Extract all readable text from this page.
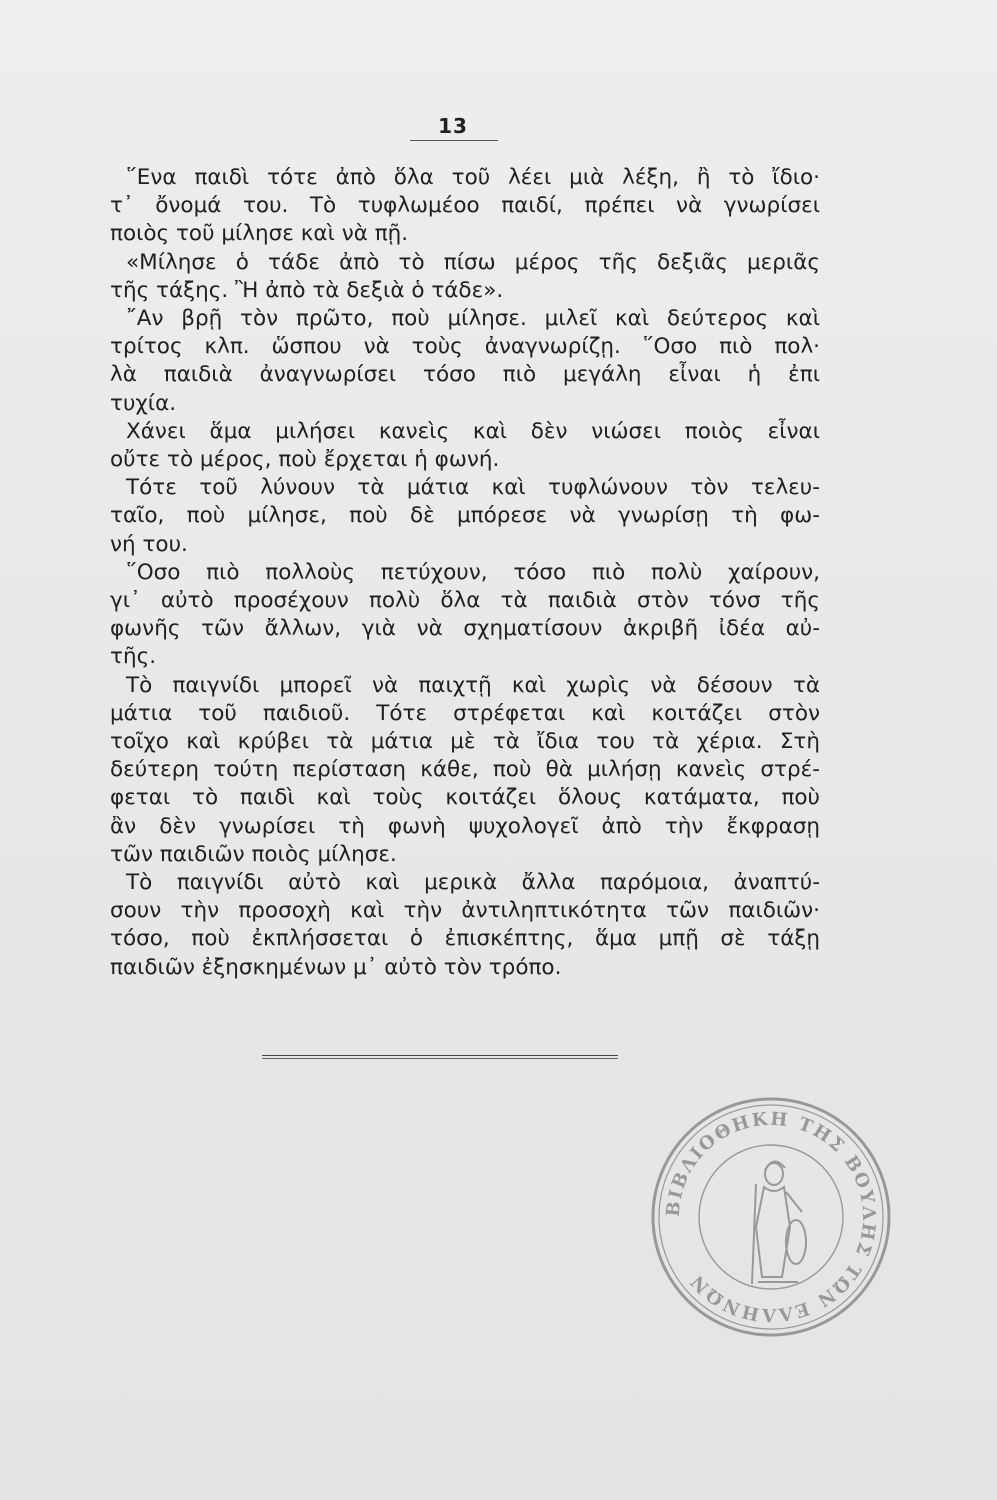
13
῞Ενα παιδὶ τότε ἀπὸ ὅλα τοῦ λέει μιὰ λέξη, ἢ τὸ ἴδιο·
τ᾽ ὄνομά του. Τὸ τυφλωμέοο παιδί, πρέπει νὰ γνωρίσει
ποιὸς τοῦ μίλησε καὶ νὰ πῇ.
«Μίλησε ὁ τάδε ἀπὸ τὸ πίσω μέρος τῆς δεξιᾶς μεριᾶς
τῆς τάξης. Ἢ ἀπὸ τὰ δεξιὰ ὁ τάδε».
῎Αν βρῇ τὸν πρῶτο, ποὺ μίλησε. μιλεῖ καὶ δεύτερος καὶ
τρίτος κλπ. ὥσπου νὰ τοὺς ἀναγνωρίζῃ. ῞Οσο πιὸ πολ·
λὰ παιδιὰ ἀναγνωρίσει τόσο πιὸ μεγάλη εἶναι ἡ ἐπι
τυχία.
Χάνει ἅμα μιλήσει κανεὶς καὶ δὲν νιώσει ποιὸς εἶναι
οὔτε τὸ μέρος, ποὺ ἔρχεται ἡ φωνή.
Τότε τοῦ λύνουν τὰ μάτια καὶ τυφλώνουν τὸν τελευ-
ταῖο, ποὺ μίλησε, ποὺ δὲ μπόρεσε νὰ γνωρίσῃ τὴ φω-
νή του.
῞Οσο πιὸ πολλοὺς πετύχουν, τόσο πιὸ πολὺ χαίρουν,
γι᾽ αὐτὸ προσέχουν πολὺ ὅλα τὰ παιδιὰ στὸν τόνσ τῆς
φωνῆς τῶν ἄλλων, γιὰ νὰ σχηματίσουν ἀκριβῆ ἰδέα αὐ-
τῆς.
Τὸ παιγνίδι μπορεῖ νὰ παιχτῇ καὶ χωρὶς νὰ δέσουν τὰ
μάτια τοῦ παιδιοῦ. Τότε στρέφεται καὶ κοιτάζει στὸν
τοῖχο καὶ κρύβει τὰ μάτια μὲ τὰ ἴδια του τὰ χέρια. Στὴ
δεύτερη τούτη περίσταση κάθε, ποὺ θὰ μιλήσῃ κανεὶς στρέ-
φεται τὸ παιδὶ καὶ τοὺς κοιτάζει ὅλους κατάματα, ποὺ
ἂν δὲν γνωρίσει τὴ φωνὴ ψυχολογεῖ ἀπὸ τὴν ἔκφρασῃ
τῶν παιδιῶν ποιὸς μίλησε.
Τὸ παιγνίδι αὐτὸ καὶ μερικὰ ἄλλα παρόμοια, ἀναπτύ-
σουν τὴν προσοχὴ καὶ τὴν ἀντιληπτικότητα τῶν παιδιῶν·
τόσο, ποὺ ἐκπλήσσεται ὁ ἐπισκέπτης, ἅμα μπῇ σὲ τάξῃ
παιδιῶν ἐξησκημένων μ᾽ αὐτὸ τὸν τρόπο.
ΒΙΒΛΙΟΘΗΚΗ ΤΗΣ ΒΟΥΛΗΣ ΤΩΝ ΕΛΛΗΝΩΝ
